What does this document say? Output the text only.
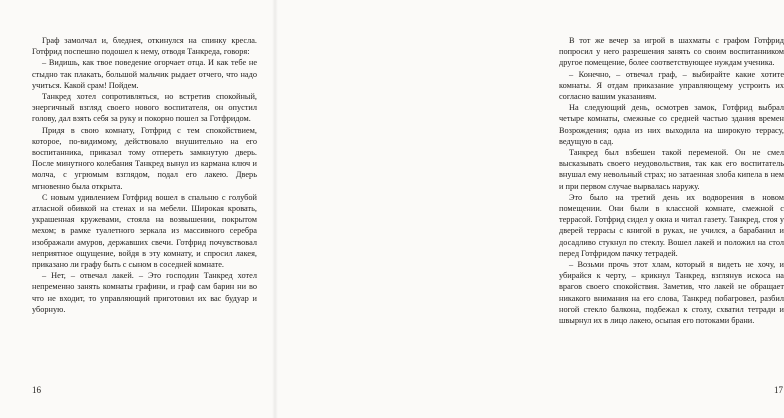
Граф замолчал и, бледнея, откинулся на спинку кресла. Готфрид поспешно подошел к нему, отводя Танкреда, говоря:

– Видишь, как твое поведение огорчает отца. И как тебе не стыдно так плакать, большой мальчик рыдает отчего, что надо учиться. Какой срам! Пойдем.

Танкред хотел сопротивляться, но встретив спокойный, энергичный взгляд своего нового воспитателя, он опустил голову, дал взять себя за руку и покорно пошел за Готфридом.

Придя в свою комнату, Готфрид с тем спокойствием, которое, по-видимому, действовало внушительно на его воспитанника, приказал тому отпереть замкнутую дверь. После минутного колебания Танкред вынул из кармана ключ и молча, с угрюмым взглядом, подал его лакею. Дверь мгновенно была открыта.

С новым удивлением Готфрид вошел в спальню с голубой атласной обивкой на стенах и на мебели. Широкая кровать, украшенная кружевами, стояла на возвышении, покрытом мехом; в рамке туалетного зеркала из массивного серебра изображали амуров, державших свечи. Готфрид почувствовал неприятное ощущение, войдя в эту комнату, и спросил лакея, приказано ли графу быть с сыном в соседней комнате.

– Нет, – отвечал лакей. – Это господин Танкред хотел непременно занять комнаты графини, и граф сам барин ни во что не входит, то управляющий приготовил их вас будуар и уборную.

16

В тот же вечер за игрой в шахматы с графом Готфрид попросил у него разрешения занять со своим воспитанником другое помещение, более соответствующее нуждам ученика.

– Конечно, – отвечал граф, – выбирайте какие хотите комнаты. Я отдам приказание управляющему устроить их согласно вашим указаниям.

На следующий день, осмотрев замок, Готфрид выбрал четыре комнаты, смежные со средней частью здания времен Возрождения; одна из них выходила на широкую террасу, ведущую в сад.

Танкред был взбешен такой переменой. Он не смел высказывать своего неудовольствия, так как его воспитатель внушал ему невольный страх; но затаенная злоба кипела в нем и при первом случае вырвалась наружу.

Это было на третий день их водворения в новом помещении. Они были в классной комнате, смежной с террасой. Готфрид сидел у окна и читал газету. Танкред, стоя у дверей террасы с книгой в руках, не учился, а барабанил и досадливо стукнул по стеклу. Вошел лакей и положил на стол перед Готфридом пачку тетрадей.

– Возьми прочь этот хлам, который я видеть не хочу, и убирайся к черту, – крикнул Танкред, взглянув искоса на врагов своего спокойствия. Заметив, что лакей не обращает никакого внимания на его слова, Танкред побагровел, разбил ногой стекло балкона, подбежал к столу, схватил тетради и швырнул их в лицо лакею, осыпая его потоками брани.

17
